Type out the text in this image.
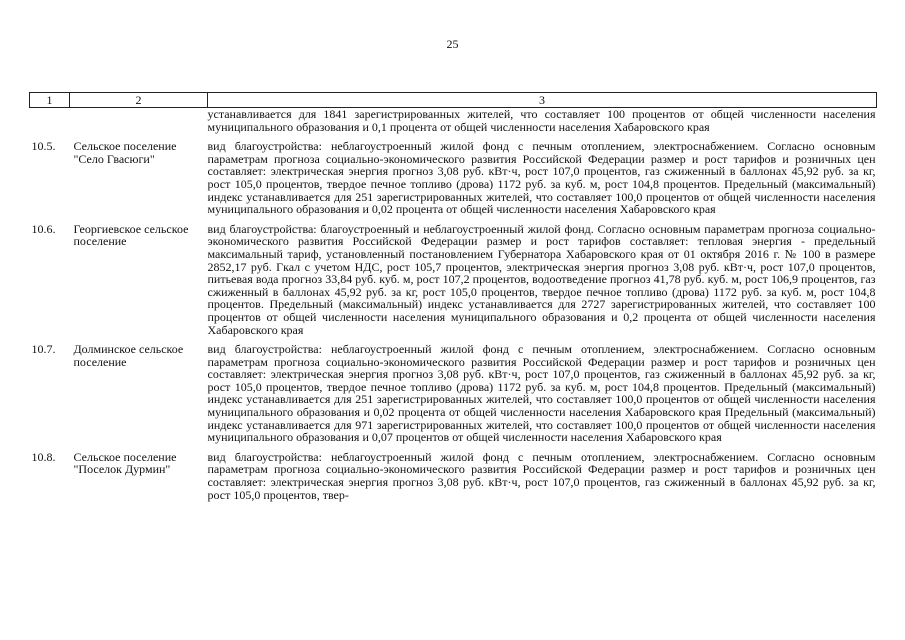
25
1	2	3
		устанавливается для 1841 зарегистрированных жителей, что составляет 100 процентов от общей численности населения муниципального образования и 0,1 процента от общей численности населения Хабаровского края
10.5.	Сельское поселение "Село Гвасюги"	вид благоустройства: неблагоустроенный жилой фонд с печным отоплением, электроснабжением. Согласно основным параметрам прогноза социально-экономического развития Российской Федерации размер и рост тарифов и розничных цен составляет: электрическая энергия прогноз 3,08 руб. кВт·ч, рост 107,0 процентов, газ сжиженный в баллонах 45,92 руб. за кг, рост 105,0 процентов, твердое печное топливо (дрова) 1172 руб. за куб. м, рост 104,8 процентов. Предельный (максимальный) индекс устанавливается для 251 зарегистрированных жителей, что составляет 100,0 процентов от общей численности населения муниципального образования и 0,02 процента от общей численности населения Хабаровского края
10.6.	Георгиевское сельское поселение	вид благоустройства: благоустроенный и неблагоустроенный жилой фонд. Согласно основным параметрам прогноза социально-экономического развития Российской Федерации размер и рост тарифов составляет: тепловая энергия - предельный максимальный тариф, установленный постановлением Губернатора Хабаровского края от 01 октября 2016 г. № 100 в размере 2852,17 руб. Гкал с учетом НДС, рост 105,7 процентов, электрическая энергия прогноз 3,08 руб. кВт·ч, рост 107,0 процентов, питьевая вода прогноз 33,84 руб. куб. м, рост 107,2 процентов, водоотведение прогноз 41,78 руб. куб. м, рост 106,9 процентов, газ сжиженный в баллонах 45,92 руб. за кг, рост 105,0 процентов, твердое печное топливо (дрова) 1172 руб. за куб. м, рост 104,8 процентов. Предельный (максимальный) индекс устанавливается для 2727 зарегистрированных жителей, что составляет 100 процентов от общей численности населения муниципального образования и 0,2 процента от общей численности населения Хабаровского края
10.7.	Долминское сельское поселение	вид благоустройства: неблагоустроенный жилой фонд с печным отоплением, электроснабжением. Согласно основным параметрам прогноза социально-экономического развития Российской Федерации размер и рост тарифов и розничных цен составляет: электрическая энергия прогноз 3,08 руб. кВт·ч, рост 107,0 процентов, газ сжиженный в баллонах 45,92 руб. за кг, рост 105,0 процентов, твердое печное топливо (дрова) 1172 руб. за куб. м, рост 104,8 процентов. Предельный (максимальный) индекс устанавливается для 251 зарегистрированных жителей, что составляет 100,0 процентов от общей численности населения муниципального образования и 0,02 процента от общей численности населения Хабаровского края Предельный (максимальный) индекс устанавливается для 971 зарегистрированных жителей, что составляет 100,0 процентов от общей численности населения муниципального образования и 0,07 процентов от общей численности населения Хабаровского края
10.8.	Сельское поселение "Поселок Дурмин"	вид благоустройства: неблагоустроенный жилой фонд с печным отоплением, электроснабжением. Согласно основным параметрам прогноза социально-экономического развития Российской Федерации размер и рост тарифов и розничных цен составляет: электрическая энергия прогноз 3,08 руб. кВт·ч, рост 107,0 процентов, газ сжиженный в баллонах 45,92 руб. за кг, рост 105,0 процентов, твер-
